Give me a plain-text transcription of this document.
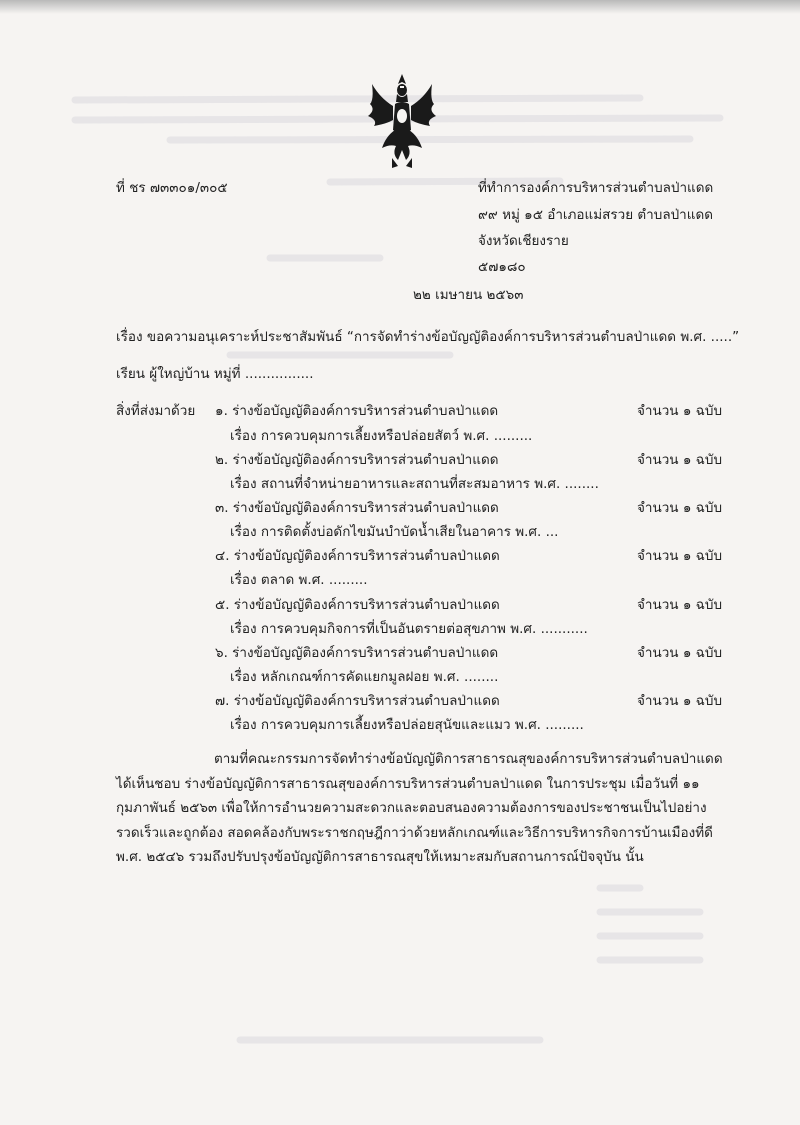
ที่ ชร ๗๓๓๐๑/๓๐๕	ที่ทำการองค์การบริหารส่วนตำบลป่าแดด
๙๙ หมู่ ๑๕ อำเภอแม่สรวย ตำบลป่าแดด
จังหวัดเชียงราย
๕๗๑๘๐
๒๒ เมษายน ๒๕๖๓
เรื่อง ขอความอนุเคราะห์ประชาสัมพันธ์ “การจัดทำร่างข้อบัญญัติองค์การบริหารส่วนตำบลป่าแดด พ.ศ. .....”
เรียน ผู้ใหญ่บ้าน หมู่ที่ ................
สิ่งที่ส่งมาด้วย ๑. ร่างข้อบัญญัติองค์การบริหารส่วนตำบลป่าแดด	จำนวน ๑ ฉบับ
เรื่อง การควบคุมการเลี้ยงหรือปล่อยสัตว์ พ.ศ. .........
๒. ร่างข้อบัญญัติองค์การบริหารส่วนตำบลป่าแดด	จำนวน ๑ ฉบับ
เรื่อง สถานที่จำหน่ายอาหารและสถานที่สะสมอาหาร พ.ศ. ........
๓. ร่างข้อบัญญัติองค์การบริหารส่วนตำบลป่าแดด	จำนวน ๑ ฉบับ
เรื่อง การติดตั้งบ่อดักไขมันบำบัดน้ำเสียในอาคาร พ.ศ. ...
๔. ร่างข้อบัญญัติองค์การบริหารส่วนตำบลป่าแดด	จำนวน ๑ ฉบับ
เรื่อง ตลาด พ.ศ. .........
๕. ร่างข้อบัญญัติองค์การบริหารส่วนตำบลป่าแดด	จำนวน ๑ ฉบับ
เรื่อง การควบคุมกิจการที่เป็นอันตรายต่อสุขภาพ พ.ศ. ...........
๖. ร่างข้อบัญญัติองค์การบริหารส่วนตำบลป่าแดด	จำนวน ๑ ฉบับ
เรื่อง หลักเกณฑ์การคัดแยกมูลฝอย พ.ศ. ........
๗. ร่างข้อบัญญัติองค์การบริหารส่วนตำบลป่าแดด	จำนวน ๑ ฉบับ
เรื่อง การควบคุมการเลี้ยงหรือปล่อยสุนัขและแมว พ.ศ. .........

ตามที่คณะกรรมการจัดทำร่างข้อบัญญัติการสาธารณสุของค์การบริหารส่วนตำบลป่าแดด

ได้เห็นชอบ ร่างข้อบัญญัติการสาธารณสุของค์การบริหารส่วนตำบลป่าแดด ในการประชุม เมื่อวันที่ ๑๑

กุมภาพันธ์ ๒๕๖๓ เพื่อให้การอำนวยความสะดวกและตอบสนองความต้องการของประชาชนเป็นไปอย่าง

รวดเร็วและถูกต้อง สอดคล้องกับพระราชกฤษฎีกาว่าด้วยหลักเกณฑ์และวิธีการบริหารกิจการบ้านเมืองที่ดี

พ.ศ. ๒๕๔๖ รวมถึงปรับปรุงข้อบัญญัติการสาธารณสุขให้เหมาะสมกับสถานการณ์ปัจจุบัน นั้น
